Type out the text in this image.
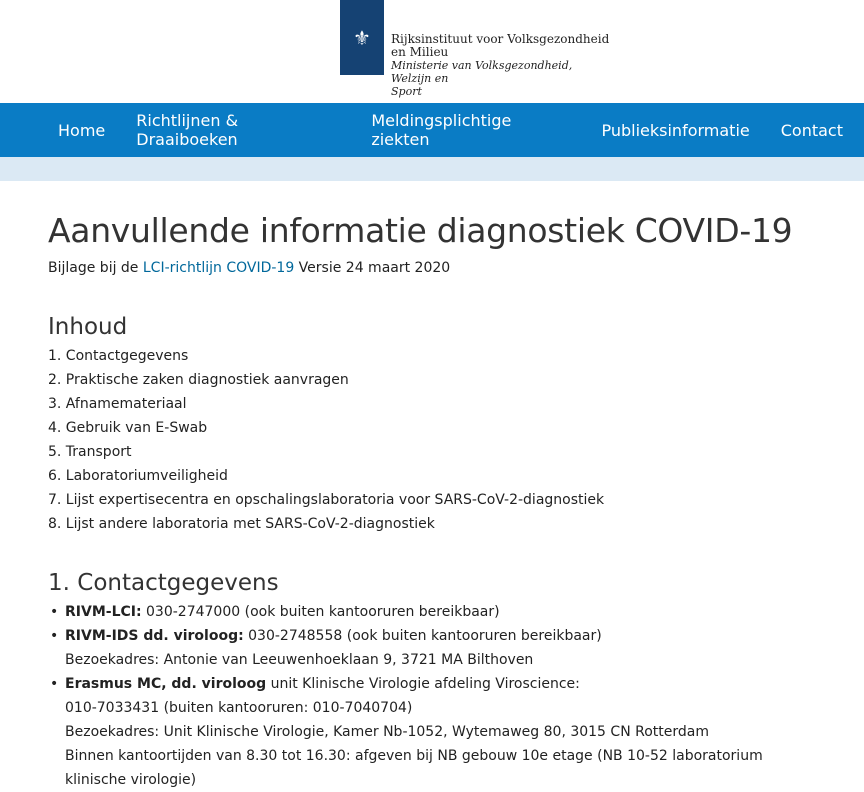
⚜	Rijksinstituut voor Volksgezondheid
en Milieu
Ministerie van Volksgezondheid, Welzijn en
Sport
Home Richtlijnen & Draaiboeken
Meldingsplichtige ziekten	Publieksinformatie Contact
Aanvullende informatie diagnostiek COVID-19
Bijlage bij de LCI-richtlijn COVID-19 Versie 24 maart 2020
Inhoud
1. Contactgegevens
2. Praktische zaken diagnostiek aanvragen
3. Afnamemateriaal
4. Gebruik van E-Swab
5. Transport
6. Laboratoriumveiligheid
7. Lijst expertisecentra en opschalingslaboratoria voor SARS-CoV-2-diagnostiek
8. Lijst andere laboratoria met SARS-CoV-2-diagnostiek
1. Contactgegevens
• RIVM-LCI: 030-2747000 (ook buiten kantooruren bereikbaar)
• RIVM-IDS dd. viroloog: 030-2748558 (ook buiten kantooruren bereikbaar)
Bezoekadres: Antonie van Leeuwenhoeklaan 9, 3721 MA Bilthoven
• Erasmus MC, dd. viroloog unit Klinische Virologie afdeling Viroscience:
010-7033431 (buiten kantooruren: 010-7040704)
Bezoekadres: Unit Klinische Virologie, Kamer Nb-1052, Wytemaweg 80, 3015 CN Rotterdam
Binnen kantoortijden van 8.30 tot 16.30: afgeven bij NB gebouw 10e etage (NB 10-52 laboratorium klinische virologie)
